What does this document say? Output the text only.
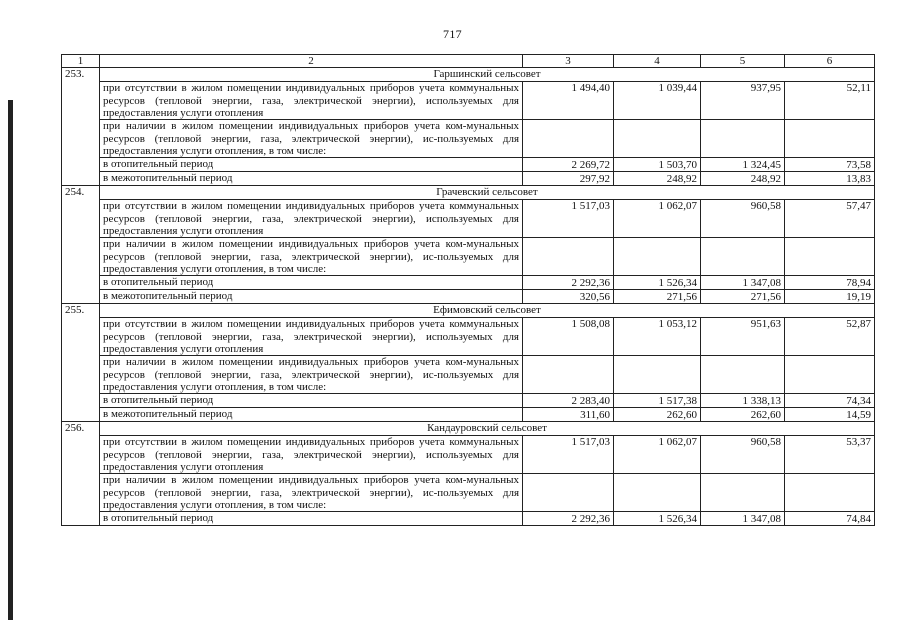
717
1	2	3	4	5	6
253.	Гаршинский сельсовет				
	при отсутствии в жилом помещении индивидуальных приборов учета коммунальных ресурсов (тепловой энергии, газа, электрической энергии), используемых для предоставления услуги отопления	1 494,40	1 039,44	937,95	52,11
	при наличии в жилом помещении индивидуальных приборов учета ком-мунальных ресурсов (тепловой энергии, газа, электрической энергии), ис-пользуемых для предоставления услуги отопления, в том числе:				
	в отопительный период	2 269,72	1 503,70	1 324,45	73,58
	в межотопительный период	297,92	248,92	248,92	13,83
254.	Грачевский сельсовет				
	при отсутствии в жилом помещении индивидуальных приборов учета коммунальных ресурсов (тепловой энергии, газа, электрической энергии), используемых для предоставления услуги отопления	1 517,03	1 062,07	960,58	57,47
	при наличии в жилом помещении индивидуальных приборов учета ком-мунальных ресурсов (тепловой энергии, газа, электрической энергии), ис-пользуемых для предоставления услуги отопления, в том числе:				
	в отопительный период	2 292,36	1 526,34	1 347,08	78,94
	в межотопительный период	320,56	271,56	271,56	19,19
255.	Ефимовский сельсовет				
	при отсутствии в жилом помещении индивидуальных приборов учета коммунальных ресурсов (тепловой энергии, газа, электрической энергии), используемых для предоставления услуги отопления	1 508,08	1 053,12	951,63	52,87
	при наличии в жилом помещении индивидуальных приборов учета ком-мунальных ресурсов (тепловой энергии, газа, электрической энергии), ис-пользуемых для предоставления услуги отопления, в том числе:				
	в отопительный период	2 283,40	1 517,38	1 338,13	74,34
	в межотопительный период	311,60	262,60	262,60	14,59
256.	Кандауровский сельсовет				
	при отсутствии в жилом помещении индивидуальных приборов учета коммунальных ресурсов (тепловой энергии, газа, электрической энергии), используемых для предоставления услуги отопления	1 517,03	1 062,07	960,58	53,37
	при наличии в жилом помещении индивидуальных приборов учета ком-мунальных ресурсов (тепловой энергии, газа, электрической энергии), ис-пользуемых для предоставления услуги отопления, в том числе:				
	в отопительный период	2 292,36	1 526,34	1 347,08	74,84
